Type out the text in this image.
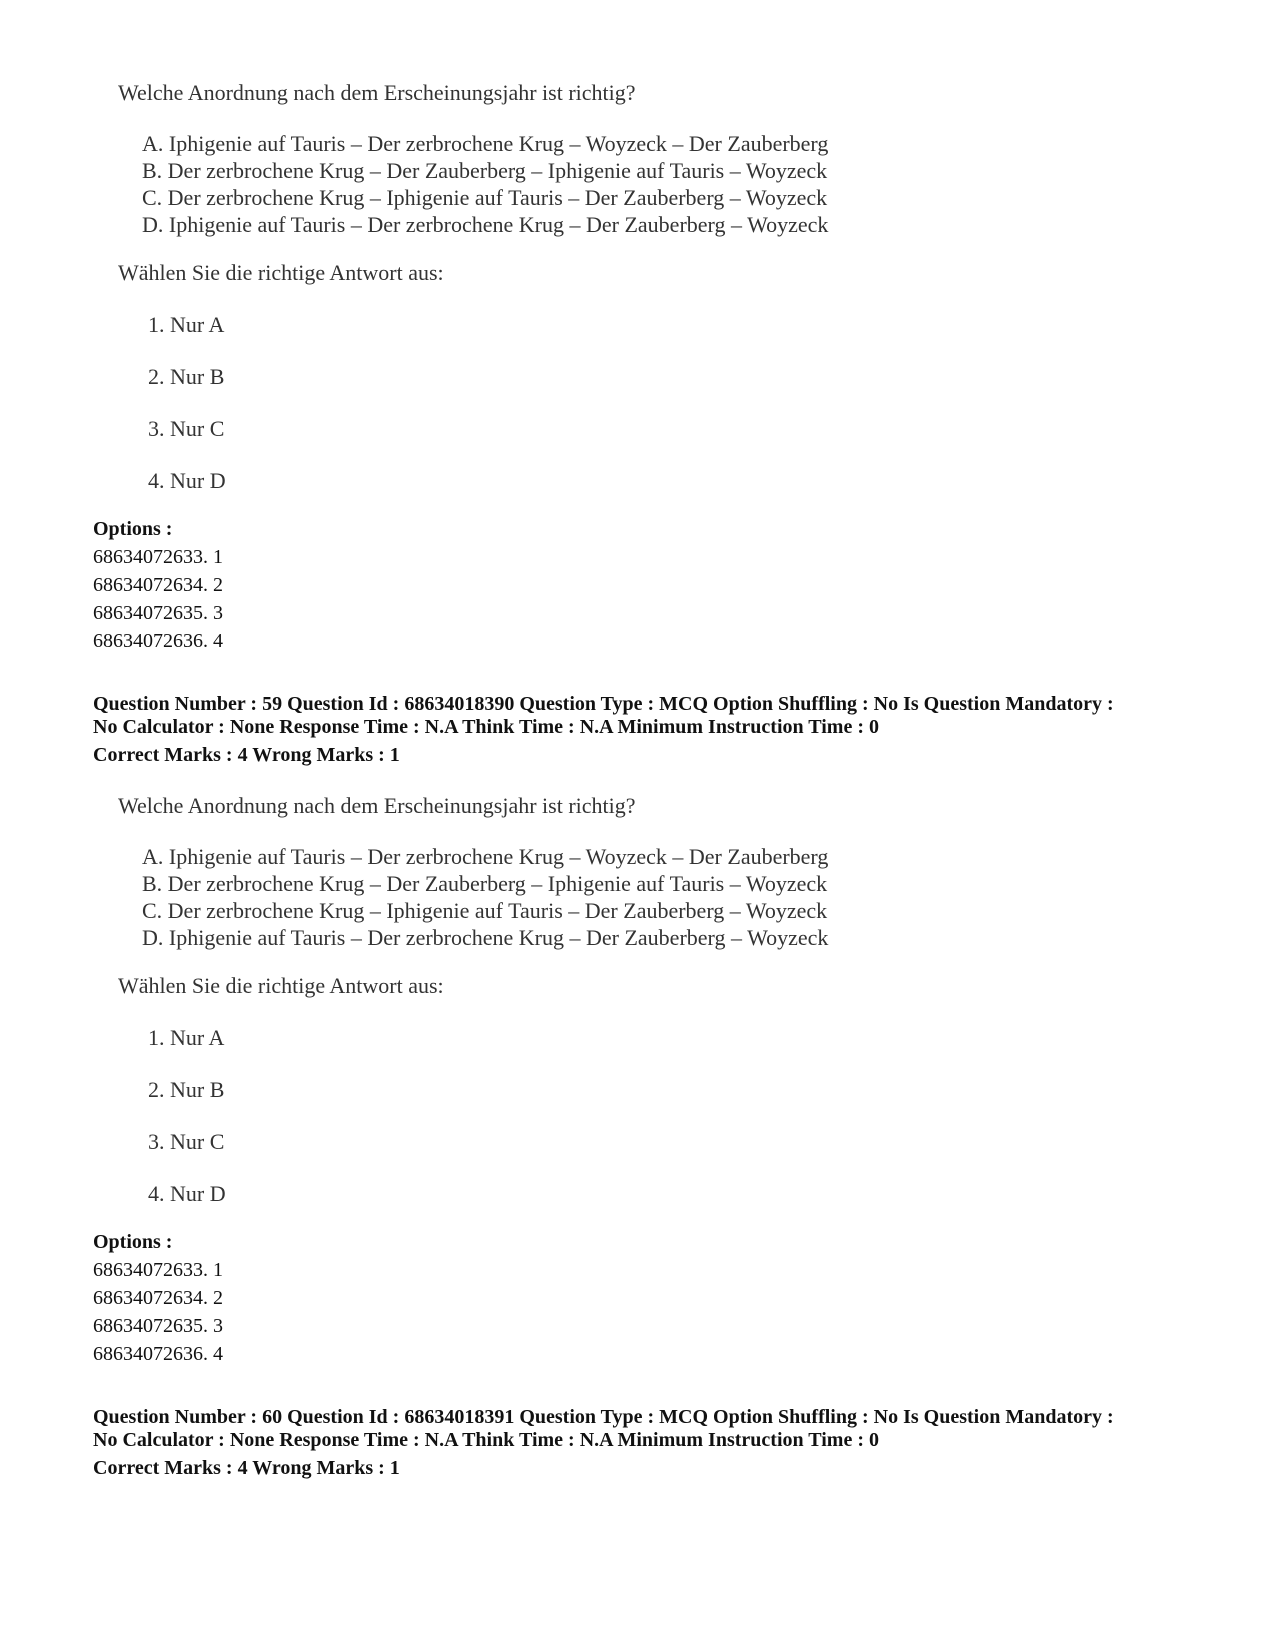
Welche Anordnung nach dem Erscheinungsjahr ist richtig?
A. Iphigenie auf Tauris – Der zerbrochene Krug – Woyzeck – Der Zauberberg
B. Der zerbrochene Krug – Der Zauberberg – Iphigenie auf Tauris – Woyzeck
C. Der zerbrochene Krug – Iphigenie auf Tauris – Der Zauberberg – Woyzeck
D. Iphigenie auf Tauris – Der zerbrochene Krug – Der Zauberberg – Woyzeck
Wählen Sie die richtige Antwort aus:
1. Nur A
2. Nur B
3. Nur C
4. Nur D
Options :
68634072633. 1
68634072634. 2
68634072635. 3
68634072636. 4
Question Number : 59 Question Id : 68634018390 Question Type : MCQ Option Shuffling : No Is Question Mandatory :
No Calculator : None Response Time : N.A Think Time : N.A Minimum Instruction Time : 0
Correct Marks : 4 Wrong Marks : 1
Welche Anordnung nach dem Erscheinungsjahr ist richtig?
A. Iphigenie auf Tauris – Der zerbrochene Krug – Woyzeck – Der Zauberberg
B. Der zerbrochene Krug – Der Zauberberg – Iphigenie auf Tauris – Woyzeck
C. Der zerbrochene Krug – Iphigenie auf Tauris – Der Zauberberg – Woyzeck
D. Iphigenie auf Tauris – Der zerbrochene Krug – Der Zauberberg – Woyzeck
Wählen Sie die richtige Antwort aus:
1. Nur A
2. Nur B
3. Nur C
4. Nur D
Options :
68634072633. 1
68634072634. 2
68634072635. 3
68634072636. 4
Question Number : 60 Question Id : 68634018391 Question Type : MCQ Option Shuffling : No Is Question Mandatory :
No Calculator : None Response Time : N.A Think Time : N.A Minimum Instruction Time : 0
Correct Marks : 4 Wrong Marks : 1
